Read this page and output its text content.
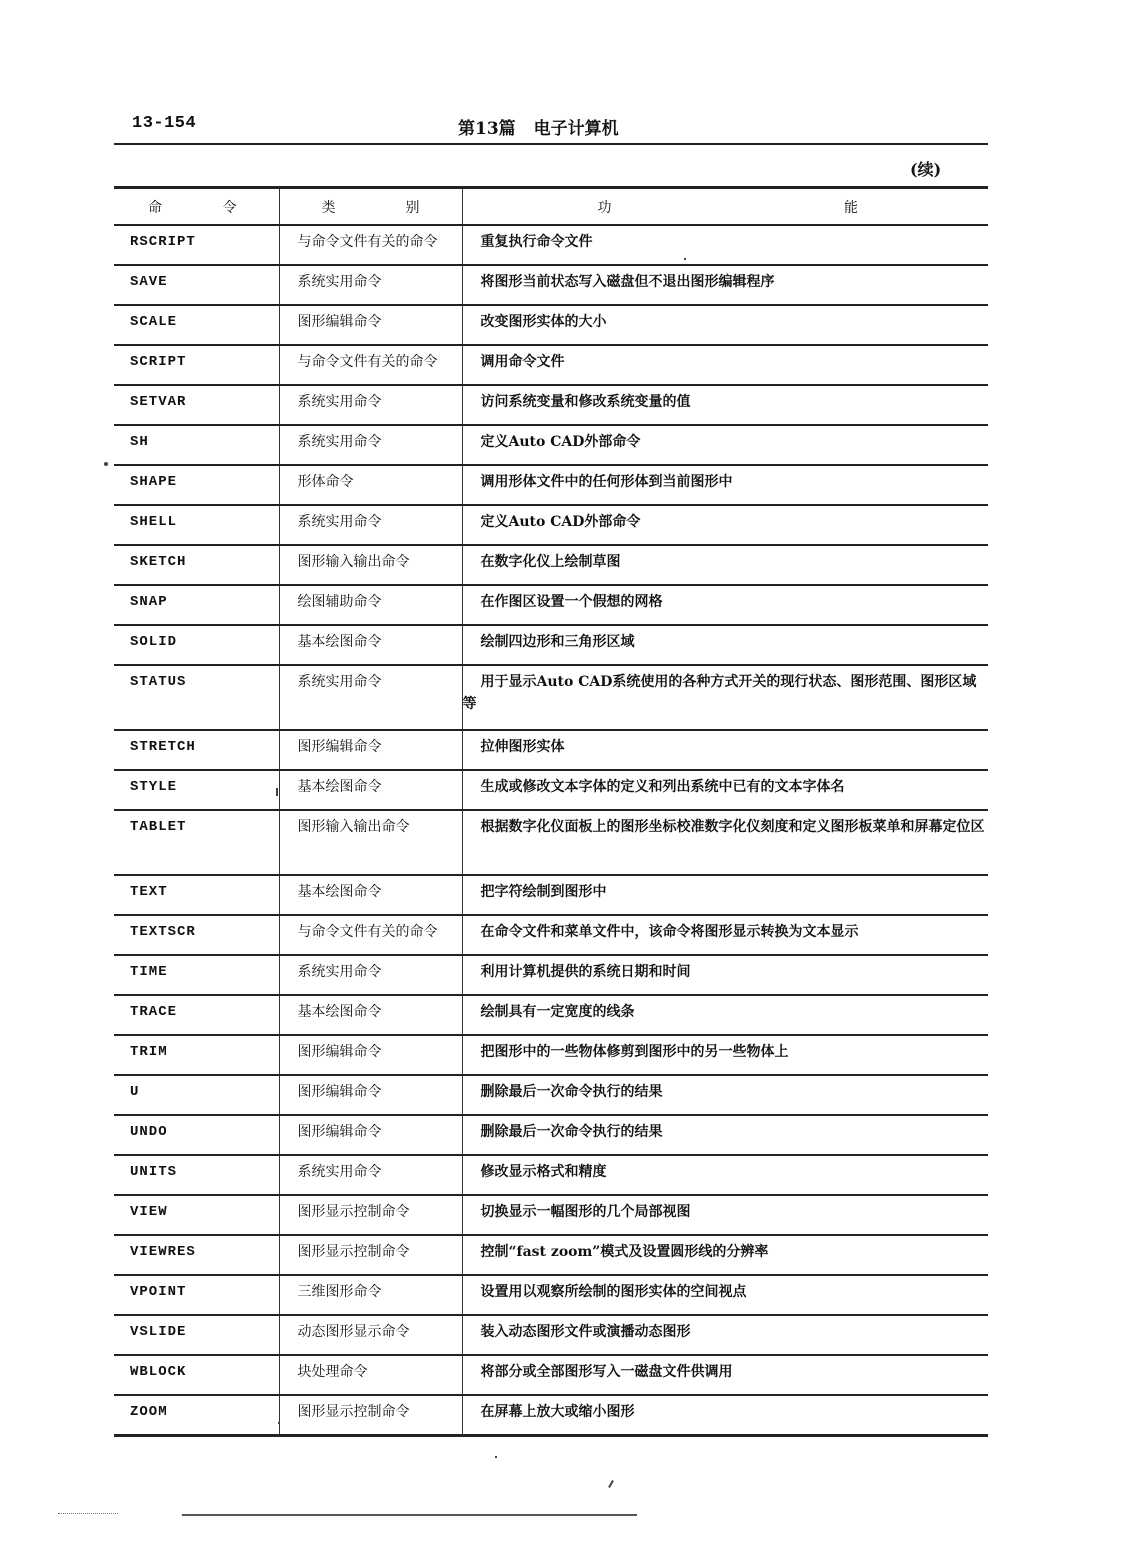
13-154	第13篇 电子计算机
(续)
命 令	类 别	功 能

RSCRIPT	与命令文件有关的命令	重复执行命令文件
SAVE	系统实用命令	将图形当前状态写入磁盘但不退出图形编辑程序
SCALE	图形编辑命令	改变图形实体的大小
SCRIPT	与命令文件有关的命令	调用命令文件
SETVAR	系统实用命令	访问系统变量和修改系统变量的值
SH	系统实用命令	定义Auto CAD外部命令
SHAPE	形体命令	调用形体文件中的任何形体到当前图形中
SHELL	系统实用命令	定义Auto CAD外部命令
SKETCH	图形输入输出命令	在数字化仪上绘制草图
SNAP	绘图辅助命令	在作图区设置一个假想的网格
SOLID	基本绘图命令	绘制四边形和三角形区域
STATUS	系统实用命令	用于显示Auto CAD系统使用的各种方式开关的现行状态、图形范围、图形区域等
STRETCH	图形编辑命令	拉伸图形实体
STYLE	基本绘图命令	生成或修改文本字体的定义和列出系统中已有的文本字体名
TABLET	图形输入输出命令	根据数字化仪面板上的图形坐标校准数字化仪刻度和定义图形板菜单和屏幕定位区
TEXT	基本绘图命令	把字符绘制到图形中
TEXTSCR	与命令文件有关的命令	在命令文件和菜单文件中，该命令将图形显示转换为文本显示
TIME	系统实用命令	利用计算机提供的系统日期和时间
TRACE	基本绘图命令	绘制具有一定宽度的线条
TRIM	图形编辑命令	把图形中的一些物体修剪到图形中的另一些物体上
U	图形编辑命令	删除最后一次命令执行的结果
UNDO	图形编辑命令	删除最后一次命令执行的结果
UNITS	系统实用命令	修改显示格式和精度
VIEW	图形显示控制命令	切换显示一幅图形的几个局部视图
VIEWRES	图形显示控制命令	控制“fast zoom”模式及设置圆形线的分辨率
VPOINT	三维图形命令	设置用以观察所绘制的图形实体的空间视点
VSLIDE	动态图形显示命令	装入动态图形文件或演播动态图形
WBLOCK	块处理命令	将部分或全部图形写入一磁盘文件供调用
ZOOM	图形显示控制命令	在屏幕上放大或缩小图形
